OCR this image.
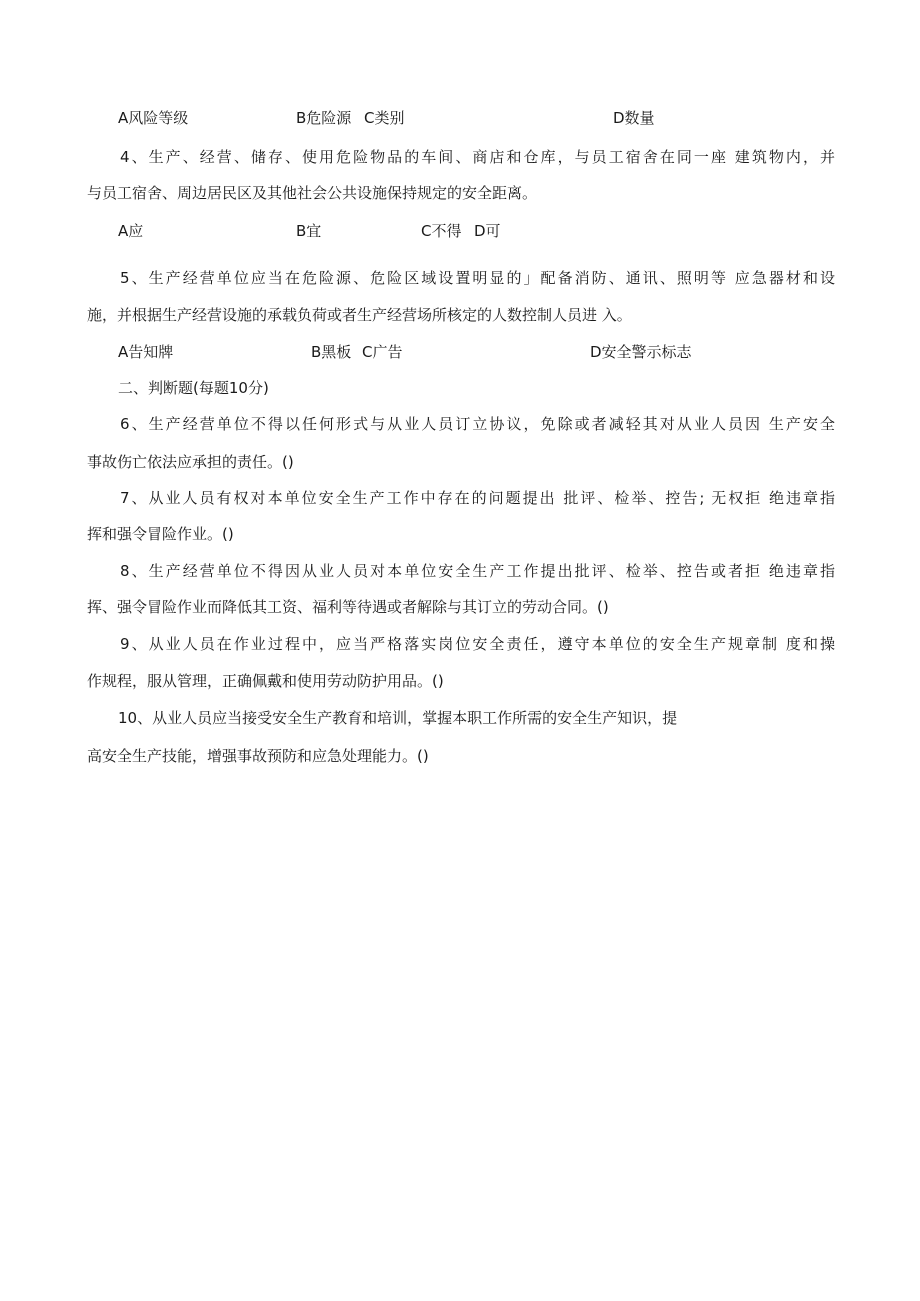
A风险等级	B危险源 C类别	D数量
4、生产、经营、储存、使用危险物品的车间、商店和仓库，与员工宿舍在同一座 建筑物内，并
与员工宿舍、周边居民区及其他社会公共设施保持规定的安全距离。
A应	B宜	C不得 D可
5、生产经营单位应当在危险源、危险区域设置明显的」配备消防、通讯、照明等 应急器材和设
施，并根据生产经营设施的承载负荷或者生产经营场所核定的人数控制人员进 入。
A告知牌	B黑板 C广告	D安全警示标志
二、判断题(每题10分)
6、生产经营单位不得以任何形式与从业人员订立协议，免除或者减轻其对从业人员因 生产安全
事故伤亡依法应承担的责任。()
7、从业人员有权对本单位安全生产工作中存在的问题提出 批评、检举、控告; 无权拒 绝违章指
挥和强令冒险作业。()
8、生产经营单位不得因从业人员对本单位安全生产工作提出批评、检举、控告或者拒 绝违章指
挥、强令冒险作业而降低其工资、福利等待遇或者解除与其订立的劳动合同。()
9、从业人员在作业过程中，应当严格落实岗位安全责任，遵守本单位的安全生产规章制 度和操
作规程，服从管理，正确佩戴和使用劳动防护用品。()
10、从业人员应当接受安全生产教育和培训，掌握本职工作所需的安全生产知识，提
高安全生产技能，增强事故预防和应急处理能力。()
